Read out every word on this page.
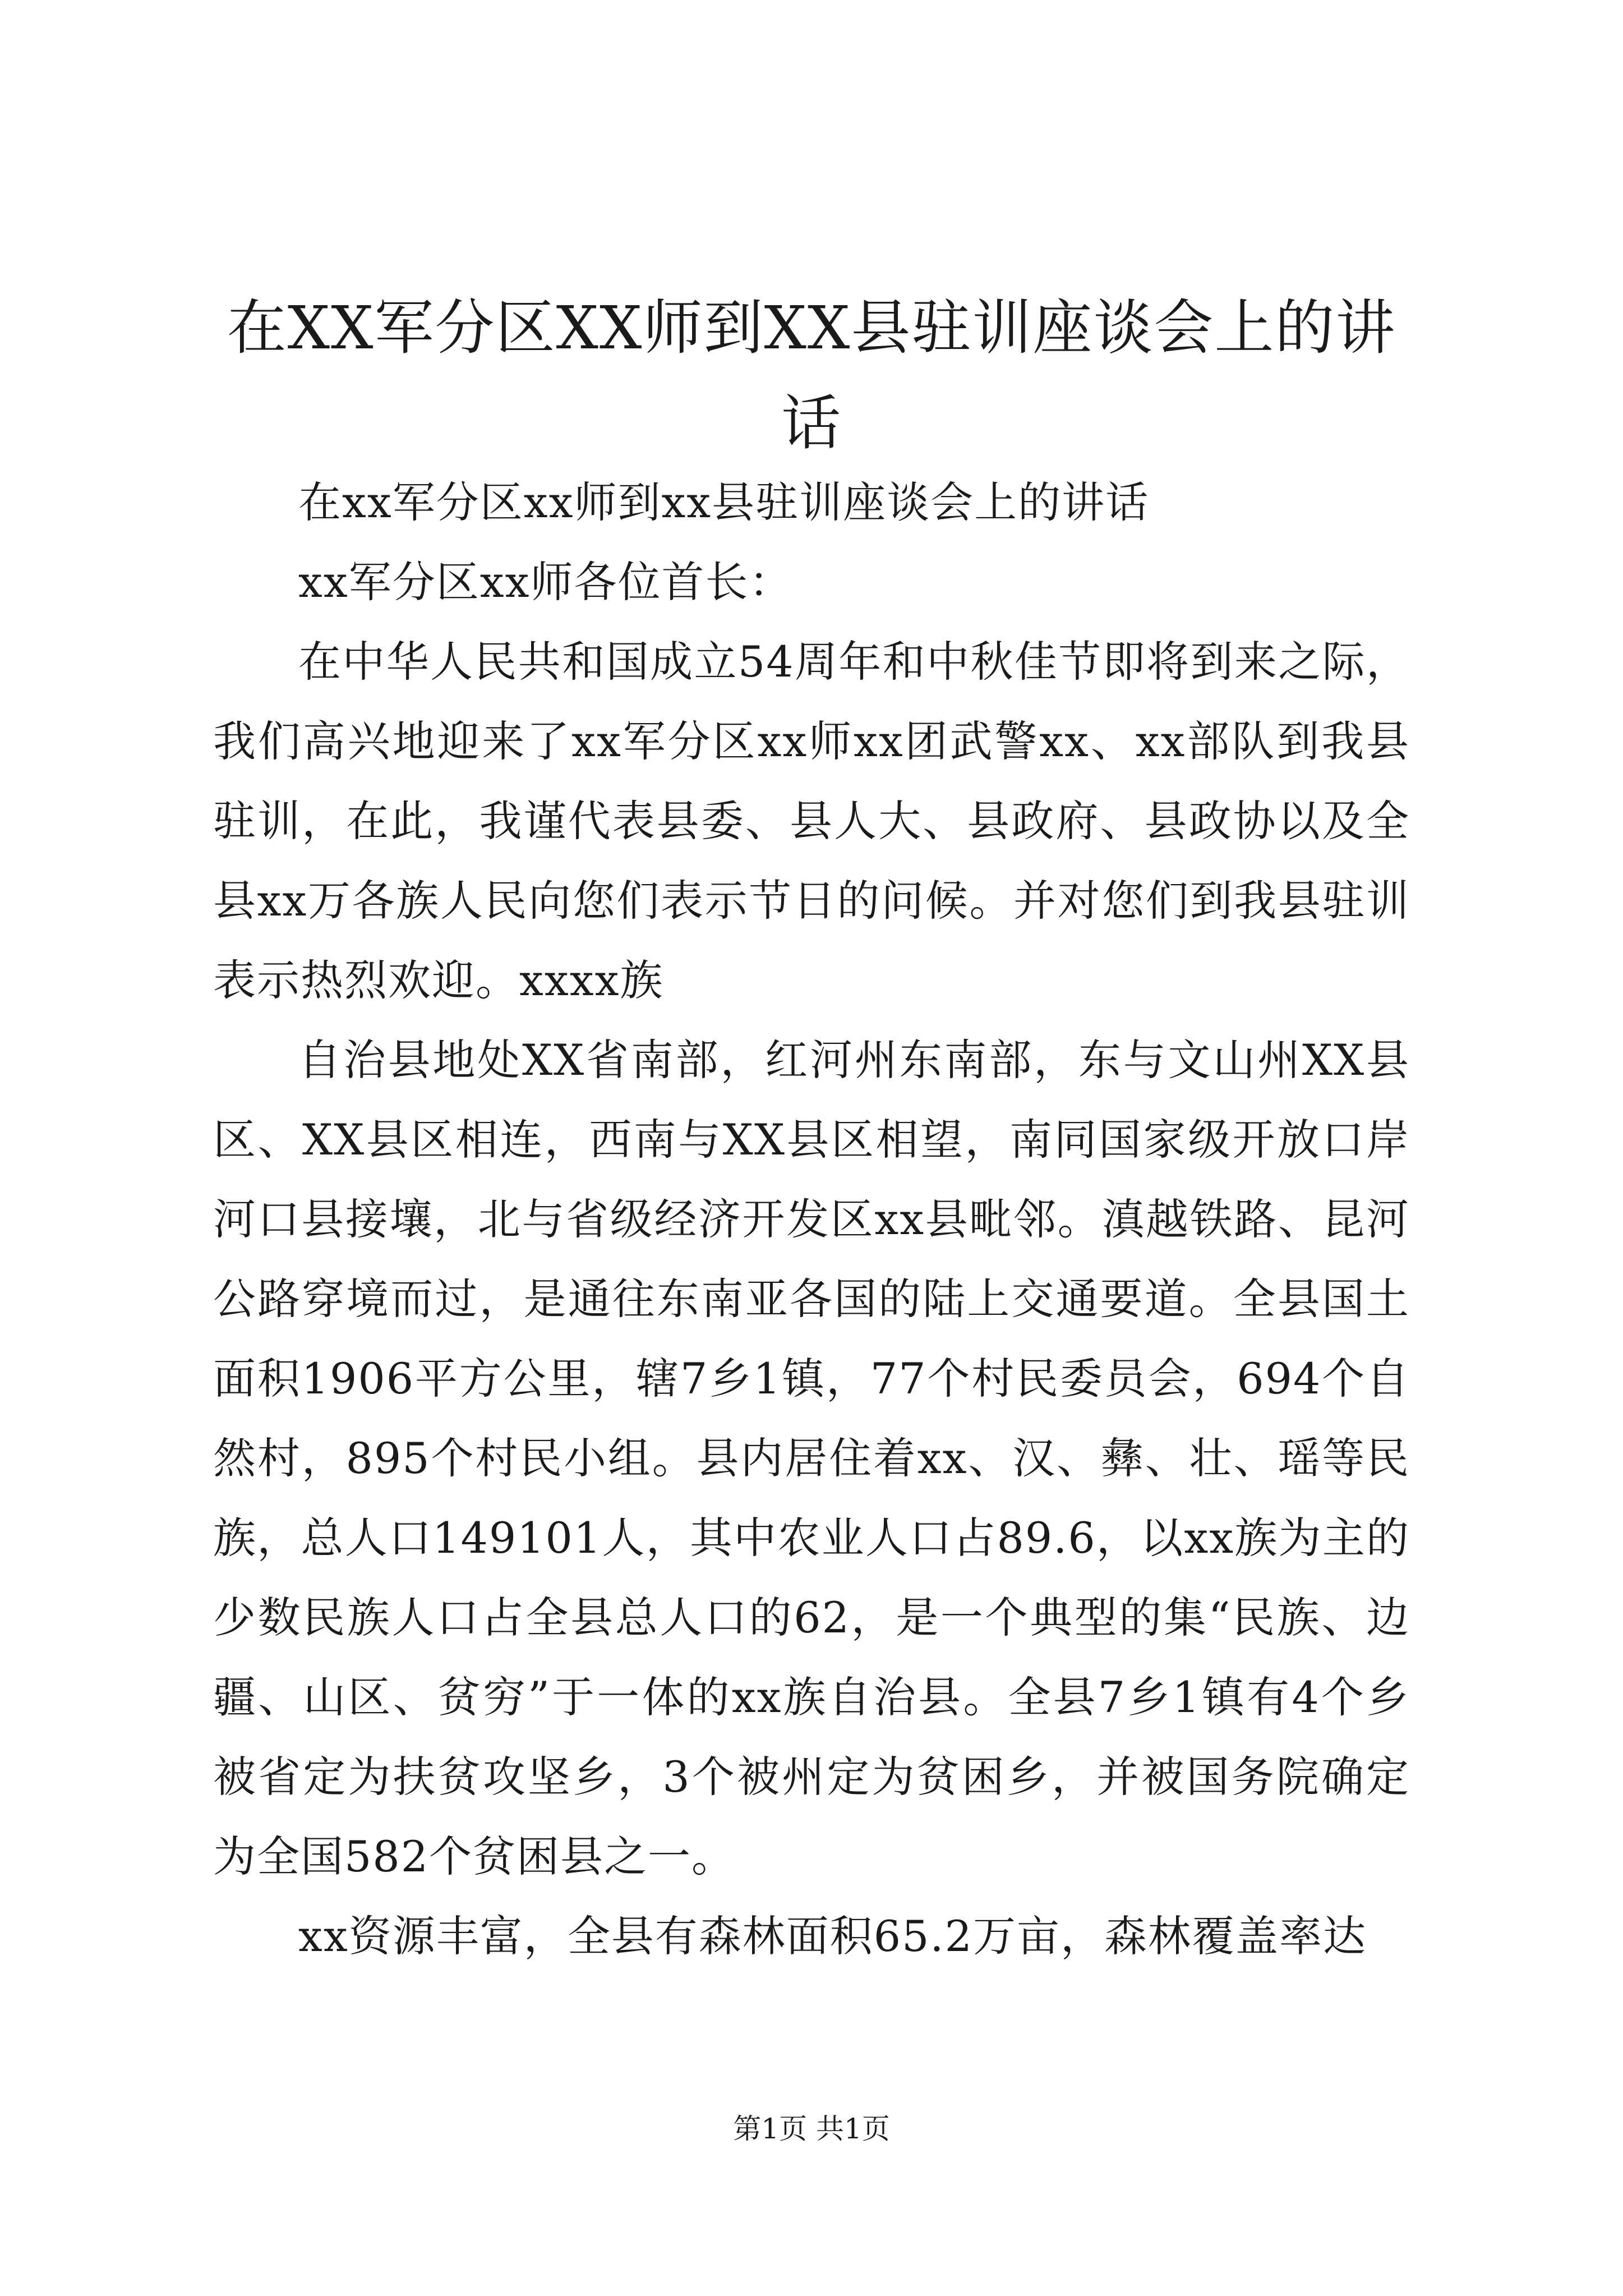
在XX军分区XX师到XX县驻训座谈会上的讲话

在xx军分区xx师到xx县驻训座谈会上的讲话

xx军分区xx师各位首长：

在中华人民共和国成立54周年和中秋佳节即将到来之际，我们高兴地迎来了xx军分区xx师xx团武警xx、xx部队到我县驻训，在此，我谨代表县委、县人大、县政府、县政协以及全县xx万各族人民向您们表示节日的问候。并对您们到我县驻训表示热烈欢迎。xxxx族

自治县地处XX省南部，红河州东南部，东与文山州XX县区、XX县区相连，西南与XX县区相望，南同国家级开放口岸河口县接壤，北与省级经济开发区xx县毗邻。滇越铁路、昆河公路穿境而过，是通往东南亚各国的陆上交通要道。全县国土面积1906平方公里，辖7乡1镇，77个村民委员会，694个自然村，895个村民小组。县内居住着xx、汉、彝、壮、瑶等民族，总人口149101人，其中农业人口占89.6，以xx族为主的少数民族人口占全县总人口的62，是一个典型的集“民族、边疆、山区、贫穷”于一体的xx族自治县。全县7乡1镇有4个乡被省定为扶贫攻坚乡，3个被州定为贫困乡，并被国务院确定为全国582个贫困县之一。

xx资源丰富，全县有森林面积65.2万亩，森林覆盖率达

第1页 共1页
